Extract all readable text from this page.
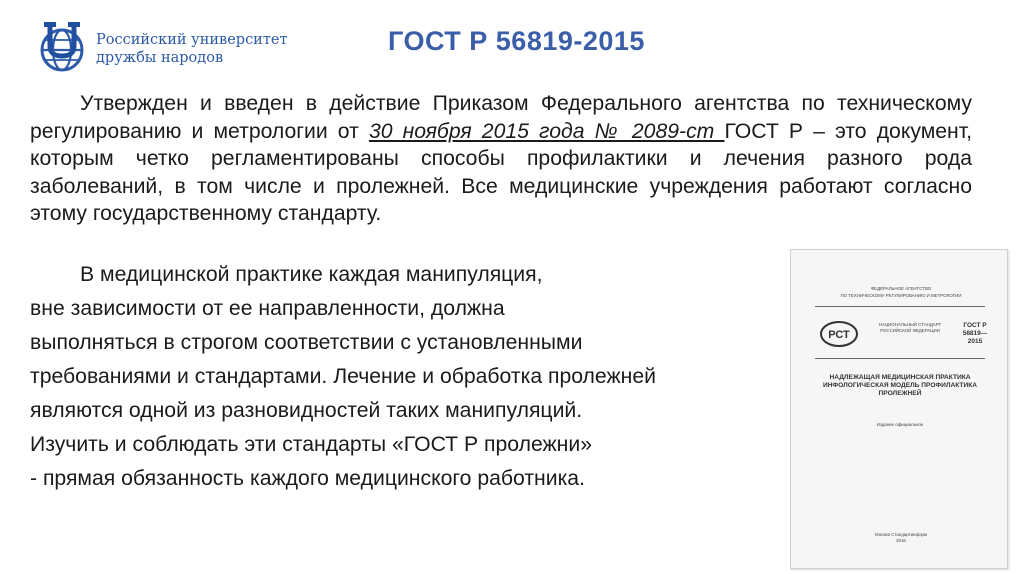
Российский университет
дружбы народов
ГОСТ Р 56819-2015

Утвержден и введен в действие Приказом Федерального агентства по техническому регулированию и метрологии от 30 ноября 2015 года № 2089-ст ГОСТ Р – это документ, которым четко регламентированы способы профилактики и лечения разного рода заболеваний, в том числе и пролежней. Все медицинские учреждения работают согласно этому государственному стандарту.

В медицинской практике каждая манипуляция,
вне зависимости от ее направленности, должна
выполняться в строгом соответствии с установленными
требованиями и стандартами. Лечение и обработка пролежней
являются одной из разновидностей таких манипуляций.
Изучить и соблюдать эти стандарты «ГОСТ Р пролежни»
- прямая обязанность каждого медицинского работника.
ФЕДЕРАЛЬНОЕ АГЕНТСТВО
ПО ТЕХНИЧЕСКОМУ РЕГУЛИРОВАНИЮ И МЕТРОЛОГИИ
РСТ
НАЦИОНАЛЬНЫЙ СТАНДАРТ РОССИЙСКОЙ ФЕДЕРАЦИИ
ГОСТ Р 56819— 2015
НАДЛЕЖАЩАЯ МЕДИЦИНСКАЯ ПРАКТИКА ИНФОЛОГИЧЕСКАЯ МОДЕЛЬ ПРОФИЛАКТИКА ПРОЛЕЖНЕЙ
Издание официальное
Москва Стандартинформ 2016
